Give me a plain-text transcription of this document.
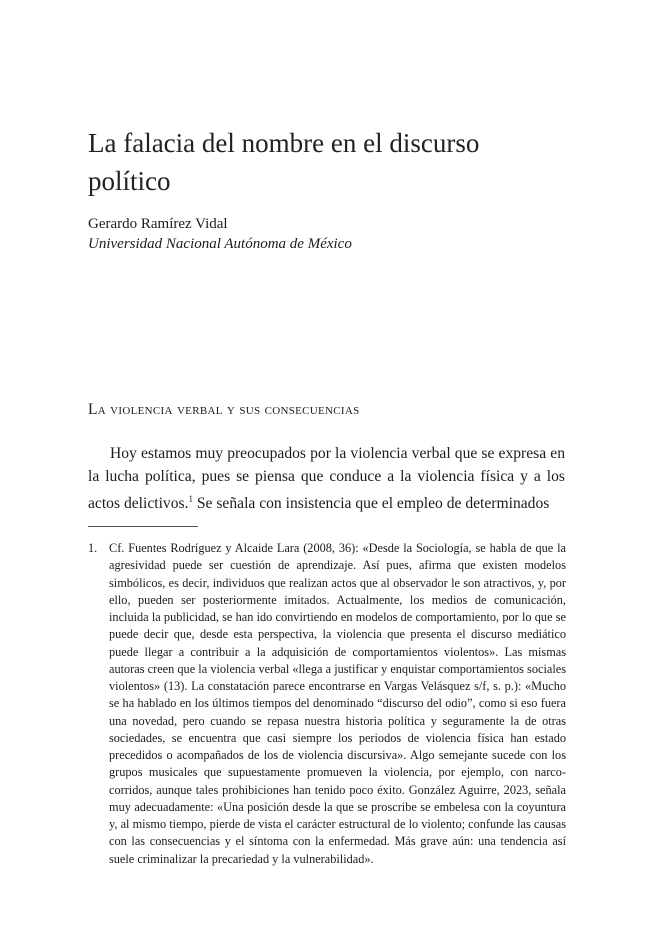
La falacia del nombre en el discurso político
Gerardo Ramírez Vidal
Universidad Nacional Autónoma de México
La violencia verbal y sus consecuencias

Hoy estamos muy preocupados por la violencia verbal que se expresa en la lucha política, pues se piensa que conduce a la violencia física y a los actos delictivos.$^1$ Se señala con insistencia que el empleo de determinados

1. Cf. Fuentes Rodríguez y Alcaide Lara (2008, 36): «Desde la Sociología, se habla de que la agresividad puede ser cuestión de aprendizaje. Así pues, afirma que existen modelos simbólicos, es decir, individuos que realizan actos que al observador le son atractivos, y, por ello, pueden ser posteriormente imitados. Actualmente, los medios de comunicación, incluida la publicidad, se han ido convirtiendo en modelos de comportamiento, por lo que se puede decir que, desde esta perspectiva, la violencia que presenta el discurso mediático puede llegar a contribuir a la adquisición de comportamientos violentos». Las mismas autoras creen que la violencia verbal «llega a justificar y enquistar comportamientos sociales violentos» (13). La constatación parece encontrarse en Vargas Velásquez s/f, s. p.): «Mucho se ha hablado en los últimos tiempos del denominado “discurso del odio”, como si eso fuera una novedad, pero cuando se repasa nuestra historia política y seguramente la de otras sociedades, se encuentra que casi siempre los periodos de violencia física han estado precedidos o acompañados de los de violencia discursiva». Algo semejante sucede con los grupos musicales que supuestamente promueven la violencia, por ejemplo, con narco-corridos, aunque tales prohibiciones han tenido poco éxito. González Aguirre, 2023, señala muy adecuadamente: «Una posición desde la que se proscribe se embelesa con la coyuntura y, al mismo tiempo, pierde de vista el carácter estructural de lo violento; confunde las causas con las consecuencias y el síntoma con la enfermedad. Más grave aún: una tendencia así suele criminalizar la precariedad y la vulnerabilidad».
